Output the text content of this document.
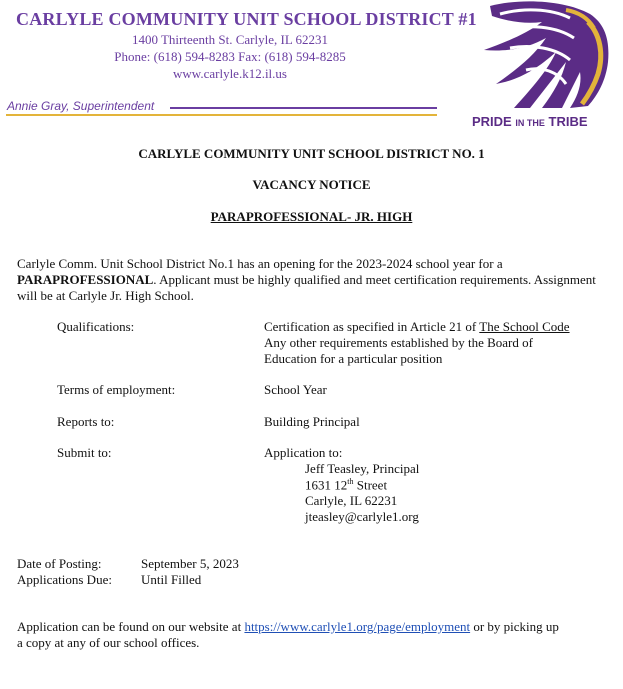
CARLYLE COMMUNITY UNIT SCHOOL DISTRICT #1
1400 Thirteenth St. Carlyle, IL 62231
Phone: (618) 594-8283 Fax: (618) 594-8285
www.carlyle.k12.il.us
Annie Gray, Superintendent
PRIDE IN THE TRIBE
CARLYLE COMMUNITY UNIT SCHOOL DISTRICT NO. 1
VACANCY NOTICE
PARAPROFESSIONAL- JR. HIGH
Carlyle Comm. Unit School District No.1 has an opening for the 2023-2024 school year for a PARAPROFESSIONAL. Applicant must be highly qualified and meet certification requirements. Assignment will be at Carlyle Jr. High School.
Qualifications:	Certification as specified in Article 21 of The School Code
Any other requirements established by the Board of
Education for a particular position
Terms of employment:	School Year
Reports to:	Building Principal
Submit to:	Application to:
Jeff Teasley, Principal
1631 12th Street
Carlyle, IL 62231
jteasley@carlyle1.org
Date of Posting:	September 5, 2023
Applications Due: Until Filled
Application can be found on our website at https://www.carlyle1.org/page/employment or by picking up
a copy at any of our school offices.
